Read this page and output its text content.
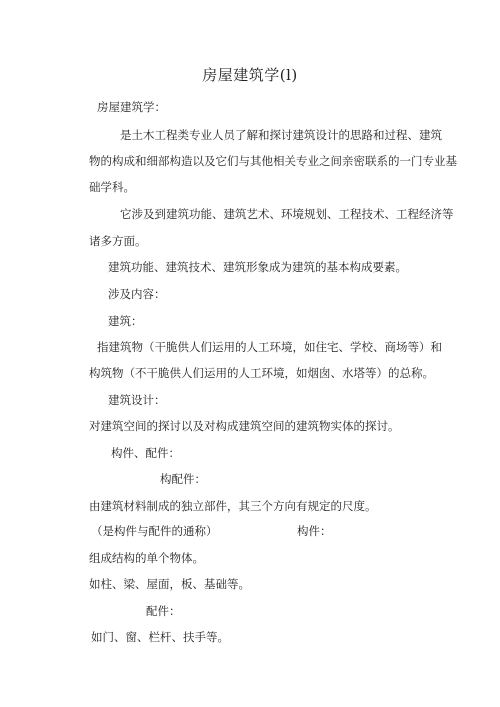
房屋建筑学(l)
房屋建筑学：
是土木工程类专业人员了解和探讨建筑设计的思路和过程、建筑
物的构成和细部构造以及它们与其他相关专业之间亲密联系的一门专业基
础学科。
它涉及到建筑功能、建筑艺术、环境规划、工程技术、工程经济等
诸多方面。
建筑功能、建筑技术、建筑形象成为建筑的基本构成要素。
涉及内容：
建筑：
指建筑物（干脆供人们运用的人工环境，如住宅、学校、商场等）和
构筑物（不干脆供人们运用的人工环境，如烟囱、水塔等）的总称。
建筑设计：
对建筑空间的探讨以及对构成建筑空间的建筑物实体的探讨。
构件、配件：
构配件：
由建筑材料制成的独立部件，其三个方向有规定的尺度。
（是构件与配件的通称）	构件：
组成结构的单个物体。
如柱、梁、屋面，板、基础等。
配件：
如门、窗、栏杆、扶手等。
